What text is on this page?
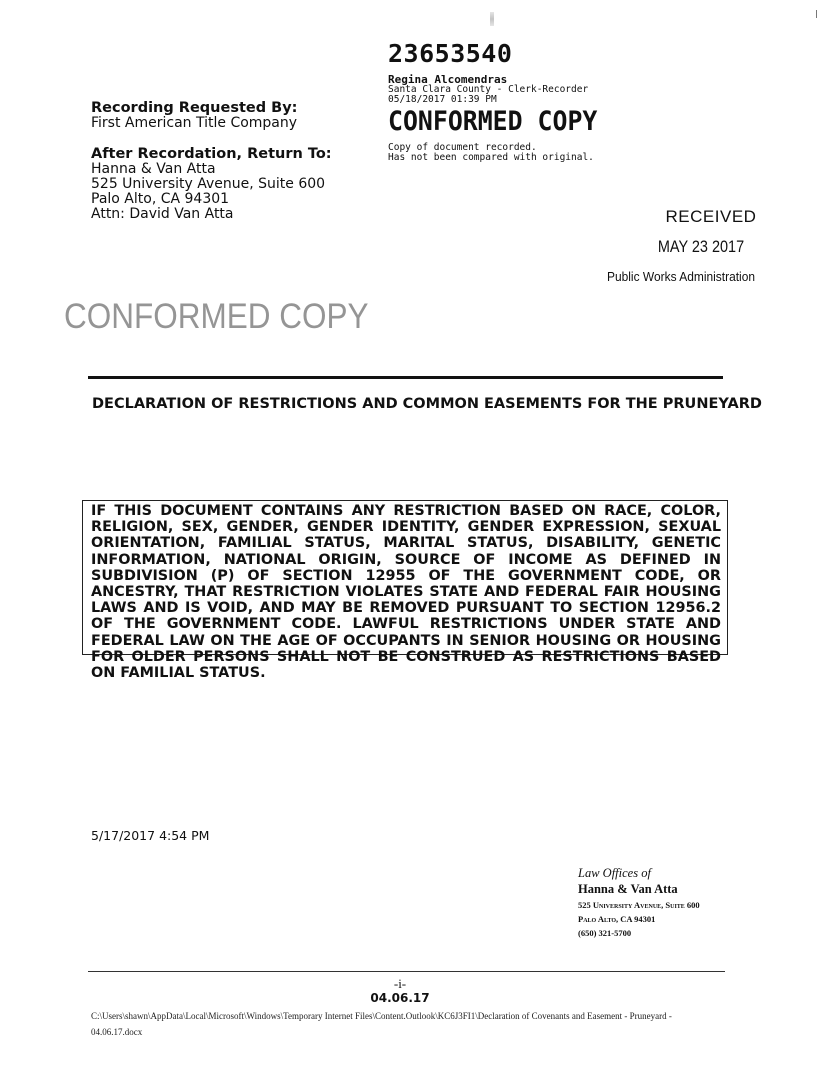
Recording Requested By:
First American Title Company
After Recordation, Return To:
Hanna & Van Atta
525 University Avenue, Suite 600
Palo Alto, CA 94301
Attn: David Van Atta
23653540
Regina Alcomendras
Santa Clara County - Clerk-Recorder
05/18/2017 01:39 PM
CONFORMED COPY
Copy of document recorded.
Has not been compared with original.
RECEIVED
MAY 23 2017
Public Works Administration
CONFORMED COPY
DECLARATION OF RESTRICTIONS AND COMMON EASEMENTS FOR THE PRUNEYARD
IF THIS DOCUMENT CONTAINS ANY RESTRICTION BASED ON RACE, COLOR, RELIGION, SEX, GENDER, GENDER IDENTITY, GENDER EXPRESSION, SEXUAL ORIENTATION, FAMILIAL STATUS, MARITAL STATUS, DISABILITY, GENETIC INFORMATION, NATIONAL ORIGIN, SOURCE OF INCOME AS DEFINED IN SUBDIVISION (P) OF SECTION 12955 OF THE GOVERNMENT CODE, OR ANCESTRY, THAT RESTRICTION VIOLATES STATE AND FEDERAL FAIR HOUSING LAWS AND IS VOID, AND MAY BE REMOVED PURSUANT TO SECTION 12956.2 OF THE GOVERNMENT CODE. LAWFUL RESTRICTIONS UNDER STATE AND FEDERAL LAW ON THE AGE OF OCCUPANTS IN SENIOR HOUSING OR HOUSING FOR OLDER PERSONS SHALL NOT BE CONSTRUED AS RESTRICTIONS BASED ON FAMILIAL STATUS.
5/17/2017 4:54 PM
Law Offices of
Hanna & Van Atta
525 University Avenue, Suite 600
Palo Alto, CA 94301
(650) 321-5700
-i-
04.06.17
C:\Users\shawn\AppData\Local\Microsoft\Windows\Temporary Internet Files\Content.Outlook\KC6J3FI1\Declaration of Covenants and Easement - Pruneyard -
04.06.17.docx
